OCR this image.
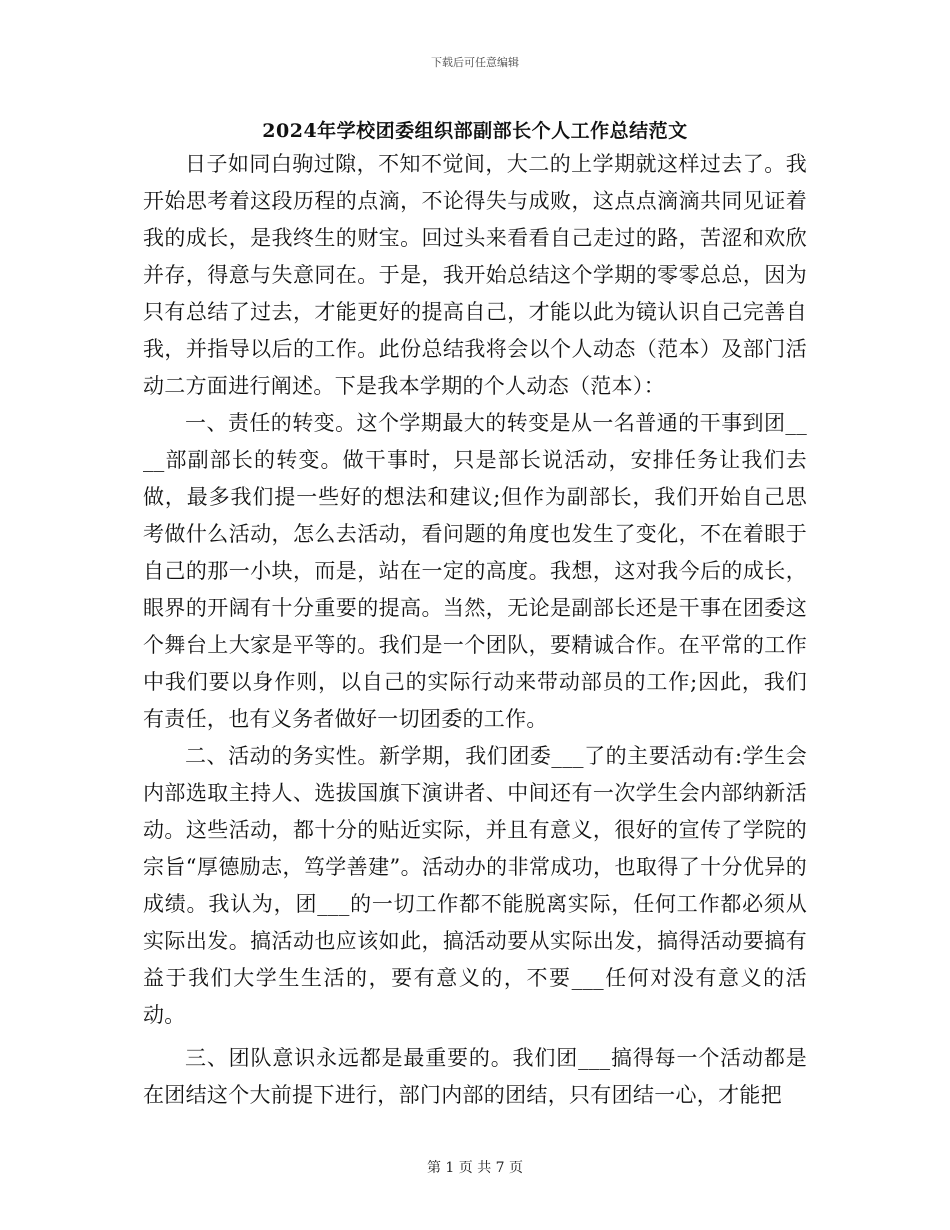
下载后可任意编辑
2024年学校团委组织部副部长个人工作总结范文

日子如同白驹过隙，不知不觉间，大二的上学期就这样过去了。我开始思考着这段历程的点滴，不论得失与成败，这点点滴滴共同见证着我的成长，是我终生的财宝。回过头来看看自己走过的路，苦涩和欢欣并存，得意与失意同在。于是，我开始总结这个学期的零零总总，因为只有总结了过去，才能更好的提高自己，才能以此为镜认识自己完善自我，并指导以后的工作。此份总结我将会以个人动态（范本）及部门活动二方面进行阐述。下是我本学期的个人动态（范本）：

一、责任的转变。这个学期最大的转变是从一名普通的干事到团____部副部长的转变。做干事时，只是部长说活动，安排任务让我们去做，最多我们提一些好的想法和建议;但作为副部长，我们开始自己思考做什么活动，怎么去活动，看问题的角度也发生了变化，不在着眼于自己的那一小块，而是，站在一定的高度。我想，这对我今后的成长，眼界的开阔有十分重要的提高。当然，无论是副部长还是干事在团委这个舞台上大家是平等的。我们是一个团队，要精诚合作。在平常的工作中我们要以身作则，以自己的实际行动来带动部员的工作;因此，我们有责任，也有义务者做好一切团委的工作。

二、活动的务实性。新学期，我们团委___了的主要活动有:学生会内部选取主持人、选拔国旗下演讲者、中间还有一次学生会内部纳新活动。这些活动，都十分的贴近实际，并且有意义，很好的宣传了学院的宗旨“厚德励志，笃学善建”。活动办的非常成功，也取得了十分优异的成绩。我认为，团___的一切工作都不能脱离实际，任何工作都必须从实际出发。搞活动也应该如此，搞活动要从实际出发，搞得活动要搞有益于我们大学生生活的，要有意义的，不要___任何对没有意义的活动。

三、团队意识永远都是最重要的。我们团___搞得每一个活动都是在团结这个大前提下进行，部门内部的团结，只有团结一心，才能把

第 1 页 共 7 页
